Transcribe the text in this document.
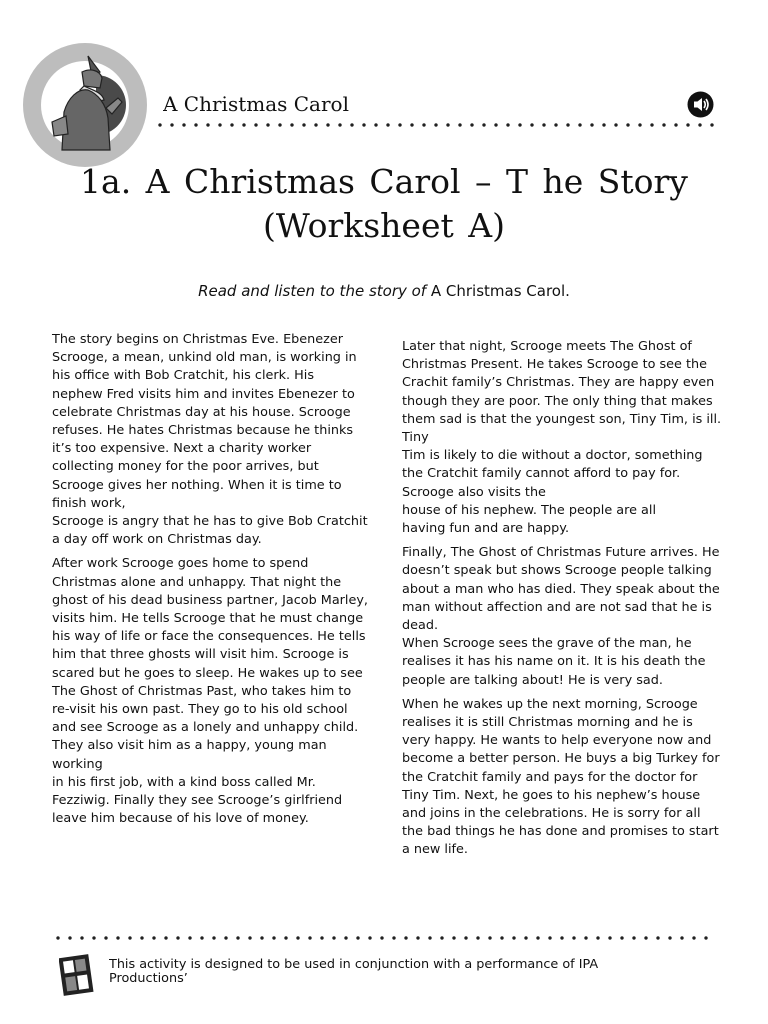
A Christmas Carol
1a. A Christmas Carol – T he Story
(Worksheet A)
Read and listen to the story of A Christmas Carol.

The story begins on Christmas Eve. Ebenezer Scrooge, a mean, unkind old man, is working in his office with Bob Cratchit, his clerk. His nephew Fred visits him and invites Ebenezer to celebrate Christmas day at his house. Scrooge refuses. He hates Christmas because he thinks it’s too expensive. Next a charity worker collecting money for the poor arrives, but Scrooge gives her nothing. When it is time to finish work,
Scrooge is angry that he has to give Bob Cratchit a day off work on Christmas day.

After work Scrooge goes home to spend Christmas alone and unhappy. That night the ghost of his dead business partner, Jacob Marley, visits him. He tells Scrooge that he must change his way of life or face the consequences. He tells him that three ghosts will visit him. Scrooge is scared but he goes to sleep. He wakes up to see The Ghost of Christmas Past, who takes him to re-visit his own past. They go to his old school and see Scrooge as a lonely and unhappy child.
They also visit him as a happy, young man working
in his first job, with a kind boss called Mr. Fezziwig. Finally they see Scrooge’s girlfriend leave him because of his love of money.

Later that night, Scrooge meets The Ghost of Christmas Present. He takes Scrooge to see the Crachit family’s Christmas. They are happy even though they are poor. The only thing that makes them sad is that the youngest son, Tiny Tim, is ill. Tiny
Tim is likely to die without a doctor, something the Cratchit family cannot afford to pay for. Scrooge also visits the
house of his nephew. The people are all
having fun and are happy.

Finally, The Ghost of Christmas Future arrives. He doesn’t speak but shows Scrooge people talking about a man who has died. They speak about the man without affection and are not sad that he is dead.
When Scrooge sees the grave of the man, he realises it has his name on it. It is his death the people are talking about! He is very sad.

When he wakes up the next morning, Scrooge realises it is still Christmas morning and he is very happy. He wants to help everyone now and become a better person. He buys a big Turkey for the Cratchit family and pays for the doctor for Tiny Tim. Next, he goes to his nephew’s house and joins in the celebrations. He is sorry for all the bad things he has done and promises to start a new life.

This activity is designed to be used in conjunction with a performance of IPA Productions’
